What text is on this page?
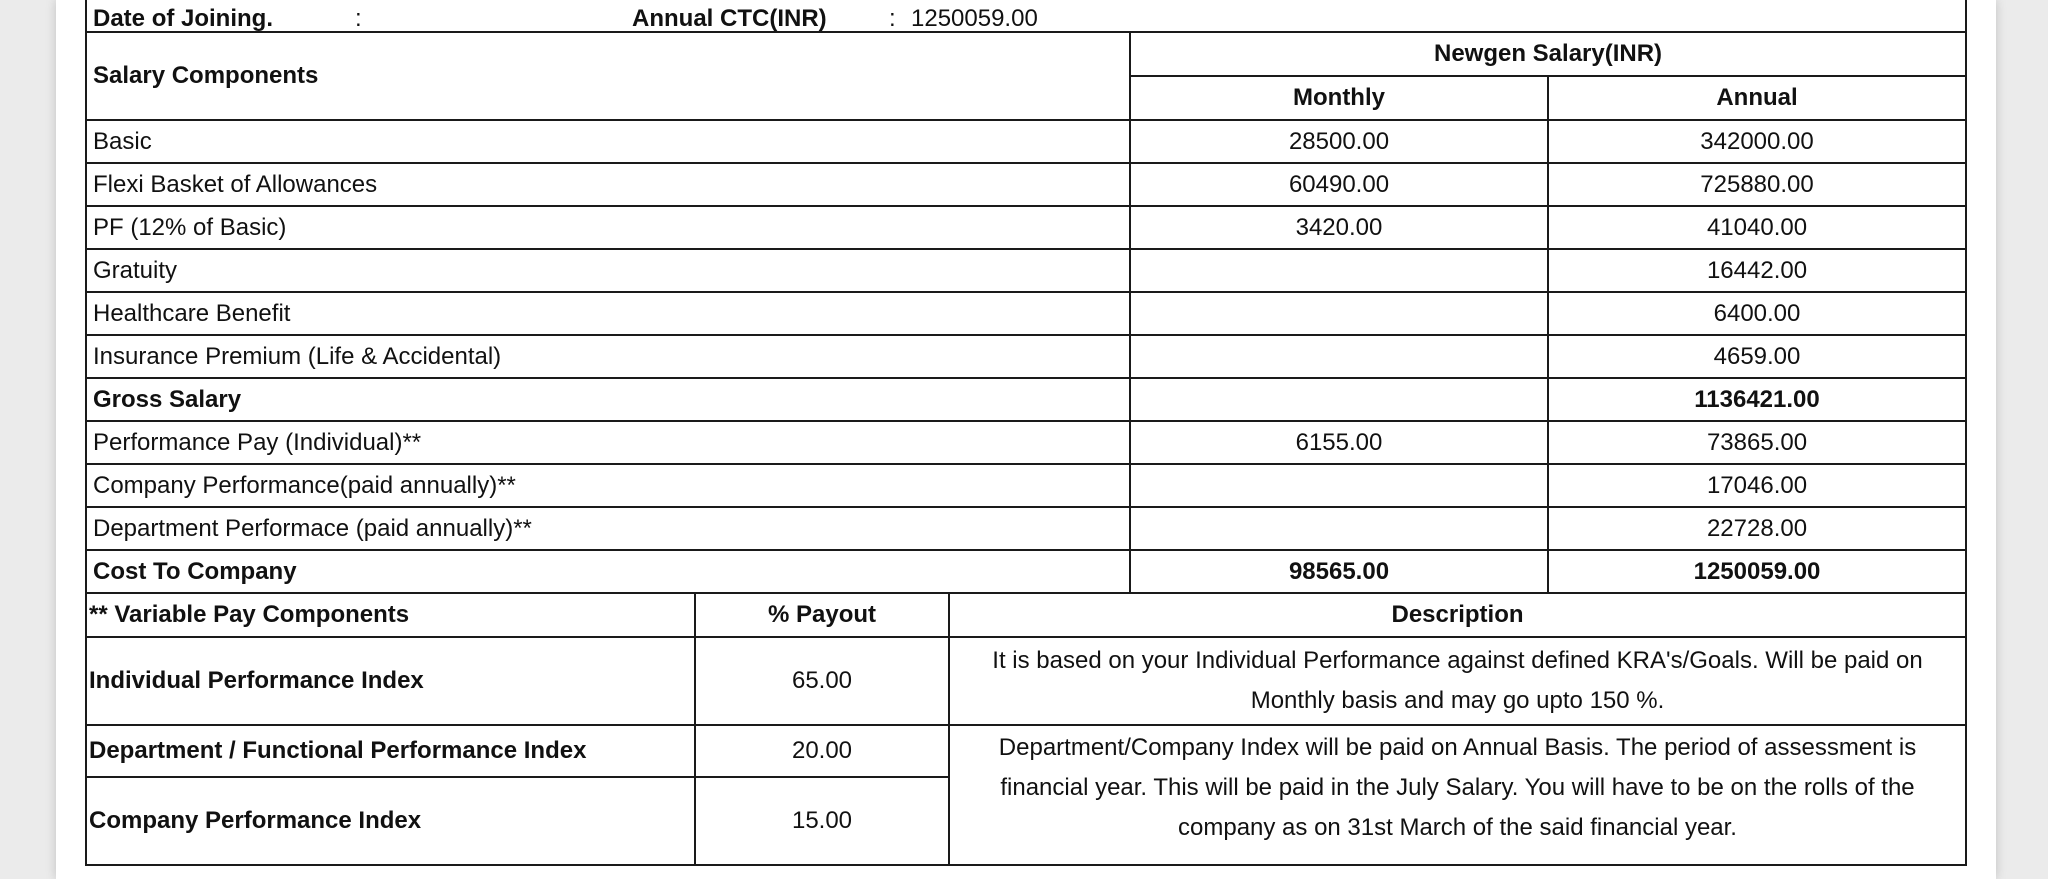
Date of Joining. : Annual CTC(INR) : 1250059.00		

Salary Components	Newgen Salary(INR)	
	Monthly	Annual
Basic	28500.00	342000.00
Flexi Basket of Allowances	60490.00	725880.00
PF (12% of Basic)	3420.00	41040.00
Gratuity		16442.00
Healthcare Benefit		6400.00
Insurance Premium (Life & Accidental)		4659.00
Gross Salary		1136421.00
Performance Pay (Individual)**	6155.00	73865.00
Company Performance(paid annually)**		17046.00
Department Performace (paid annually)**		22728.00
Cost To Company	98565.00	1250059.00
** Variable Pay Components	% Payout	Description
Individual Performance Index	65.00	It is based on your Individual Performance against defined KRA's/Goals. Will be paid on Monthly basis and may go upto 150 %.
Department / Functional Performance Index	20.00	Department/Company Index will be paid on Annual Basis. The period of assessment is financial year. This will be paid in the July Salary. You will have to be on the rolls of the company as on 31st March of the said financial year.
Company Performance Index	15.00	
